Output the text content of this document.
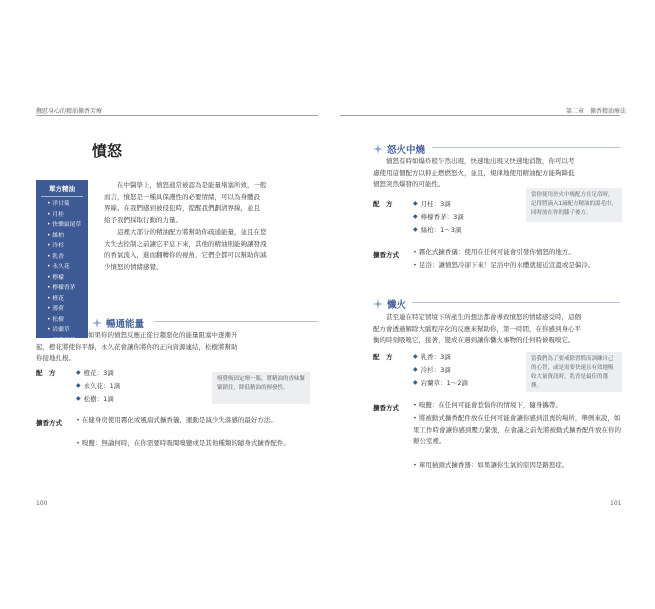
撫慰身心的精油擴香芳療	第二章　擴香精油療法
憤怒
單方精油
• 洋甘菊
• 月桂
• 快樂鼠尾草
• 絲柏
• 冷杉
• 乳香
• 永久花
• 檸檬
• 檸檬香茅
• 橙花
• 薄荷
• 松樹
• 岩蘭草
• 伊蘭伊蘭
在中醫學上，憤怒通常被認為是能量堵塞所致，一般
而言，憤怒是一種具保護性的必要情緒，可以為身體設
界線。在我們感到被侵犯時，提醒我們劃清界線，並且
給予我們採取行動的力量。
這裡大部分的精油配方將幫助你疏通能量，並且在您
大失去控制之前讓它平息下來，其他的精油則能夠讓發洩
的香氣流入，進而翻轉你的視角，它們全都可以幫助你減
少憤怒的情緒感覺。
暢通能量
如果你的憤怒反應正從日趨惡化的能量阻塞中逐漸升
起，橙花將使你平靜，永久花會讓你將你的正向資源連結，松樹將幫助
你接地扎根。
配　方	◆ 橙花：3滴
◆ 永久花：1滴
◆ 松樹：1滴
嗅覺吸固定劑一瓶，將精油的香味緊緊鎖住，降低精油的揮發性。
擴香方式 • 在健身房使用霧化或風扇式擴香儀，運動是減少失落感的最好方法。
• 嗅鹽：無論何時，在你需要時吸聞嗅鹽或是其他種類的隨身式擴香配件。
100
怒火中燒
憤怒有時如爆炸般乍然出現，快速地出現又快速地消散，你可以考
慮使用這個配方以抑止燃燃怒火，並且，規律地使用精油配方能夠降低
憤怒突然爆發的可能性。
配　方	◆ 月桂：3滴
◆ 檸檬香茅：3滴
◆ 絲柏：1～3滴
當你使用於火中燒配方在足浴時，記得將滴入1滴配方精油的溫毛巾，同時放在你的膝子後方。
擴香方式 • 霧化式擴香儀：使用在任何可能會引發你憤怒的地方。
• 足浴：讓憤怒冷卻下來！足浴中的水體就接近宣溫或是偏冷。
懺火
甚至連在特定情境下所產生的想法都會導致憤怒的情緒感受時，這個
配方會透過解除大腦程序化的反應來幫助你，第一時間，在你感到身心平
衡的時刻吸嗅它，接著，變成在遇到讓你懺火事物的任何時候吸嗅它。
配　方	◆ 乳香：3滴
◆ 冷杉：3滴
◆ 岩蘭草：1～2滴
當我們為了要戒除習慣而訓練自己的心智，或是需要快速且有效地吸收大量資訊時，乳香是最佳的選擇。
擴香方式 • 嗅鹽：在任何可能會惹惱你的情境下，隨身攜帶。
• 將被動式擴香配件放在任何可能會讓你感到沮喪的場所，舉例來說，如果工作時會讓你感到壓力緊張，在會議之前先將被動式擴香配件放在你的辦公室裡。
• 車用插頭式擴香器：如果讓你生氣的原因是路怒症。
101
